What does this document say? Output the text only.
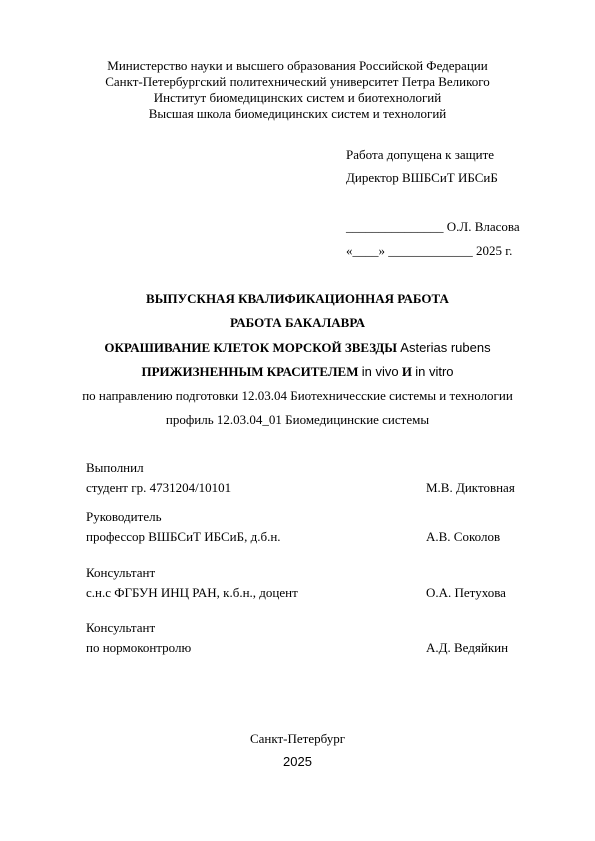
Министерство науки и высшего образования Российской Федерации
Санкт-Петербургский политехнический университет Петра Великого
Институт биомедицинских систем и биотехнологий
Высшая школа биомедицинских систем и технологий
Работа допущена к защите
Директор ВШБСиТ ИБСиБ
_______________ О.Л. Власова
«____» _____________ 2025 г.
ВЫПУСКНАЯ КВАЛИФИКАЦИОННАЯ РАБОТА
РАБОТА БАКАЛАВРА
ОКРАШИВАНИЕ КЛЕТОК МОРСКОЙ ЗВЕЗДЫ Asterias rubens
ПРИЖИЗНЕННЫМ КРАСИТЕЛЕМ in vivo И in vitro
по направлению подготовки 12.03.04 Биотехничесские системы и технологии
профиль 12.03.04_01 Биомедицинские системы
Выполнил
студент гр. 4731204/10101	М.В. Диктовная
Руководитель
профессор ВШБСиТ ИБСиБ, д.б.н.	А.В. Соколов
Консультант
с.н.с ФГБУН ИНЦ РАН, к.б.н., доцент	О.А. Петухова
Консультант
по нормоконтролю	А.Д. Ведяйкин
Санкт-Петербург
2025
